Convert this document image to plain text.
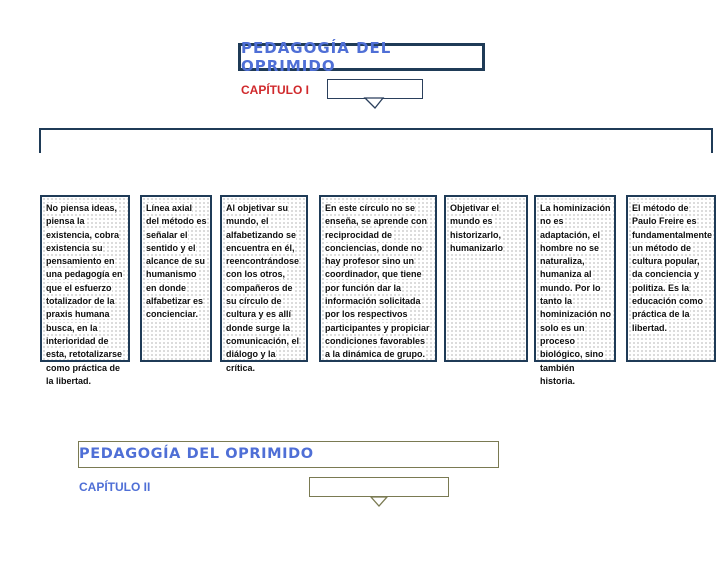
PEDAGOGÍA DEL OPRIMIDO
CAPÍTULO I
No piensa ideas, piensa la existencia, cobra existencia su pensamiento en una pedagogía en que el esfuerzo totalizador de la praxis humana busca, en la interioridad de esta, retotalizarse como práctica de la libertad.
Línea axial del método es señalar el sentido y el alcance de su humanismo en donde alfabetizar es concienciar.
Al objetivar su mundo, el alfabetizando se encuentra en él, reencontrándose con los otros, compañeros de su círculo de cultura y es allí donde surge la comunicación, el diálogo y la crítica.
En este círculo no se enseña, se aprende con reciprocidad de conciencias, donde no hay profesor sino un coordinador, que tiene por función dar la información solicitada por los respectivos participantes y propiciar condiciones favorables a la dinámica de grupo.
Objetivar el mundo es historizarlo, humanizarlo
La hominización no es adaptación, el hombre no se naturaliza, humaniza al mundo. Por lo tanto la hominización no solo es un proceso biológico, sino también historia.
El método de Paulo Freire es fundamentalmente un método de cultura popular, da conciencia y politiza. Es la educación como práctica de la libertad.
PEDAGOGÍA DEL OPRIMIDO
CAPÍTULO II
